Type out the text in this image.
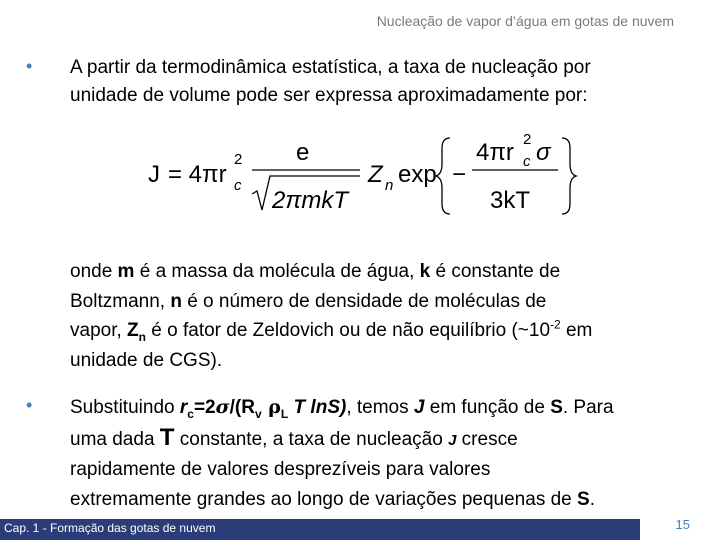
Nucleação de vapor d’água em gotas de nuvem
• A partir da termodinâmica estatística, a taxa de nucleação por

unidade de volume pode ser expressa aproximadamente por:

J = 4πr
2
c
e
2πmkT
Z n exp −
4πr 2
c σ
3kT

onde m é a massa da molécula de água, k é constante de

Boltzmann, n é o número de densidade de moléculas de

vapor, $Z_n$ é o fator de Zeldovich ou de não equilíbrio ($\sim 10^{-2}$ em

unidade de CGS).

• Substituindo $r_c=2\sigma/(R_v$ $\rho_L$ T lnS), temos J em função de S. Para

uma dada T constante, a taxa de nucleação J cresce

rapidamente de valores desprezíveis para valores

extremamente grandes ao longo de variações pequenas de S.

Cap. 1 - Formação das gotas de nuvem	15
